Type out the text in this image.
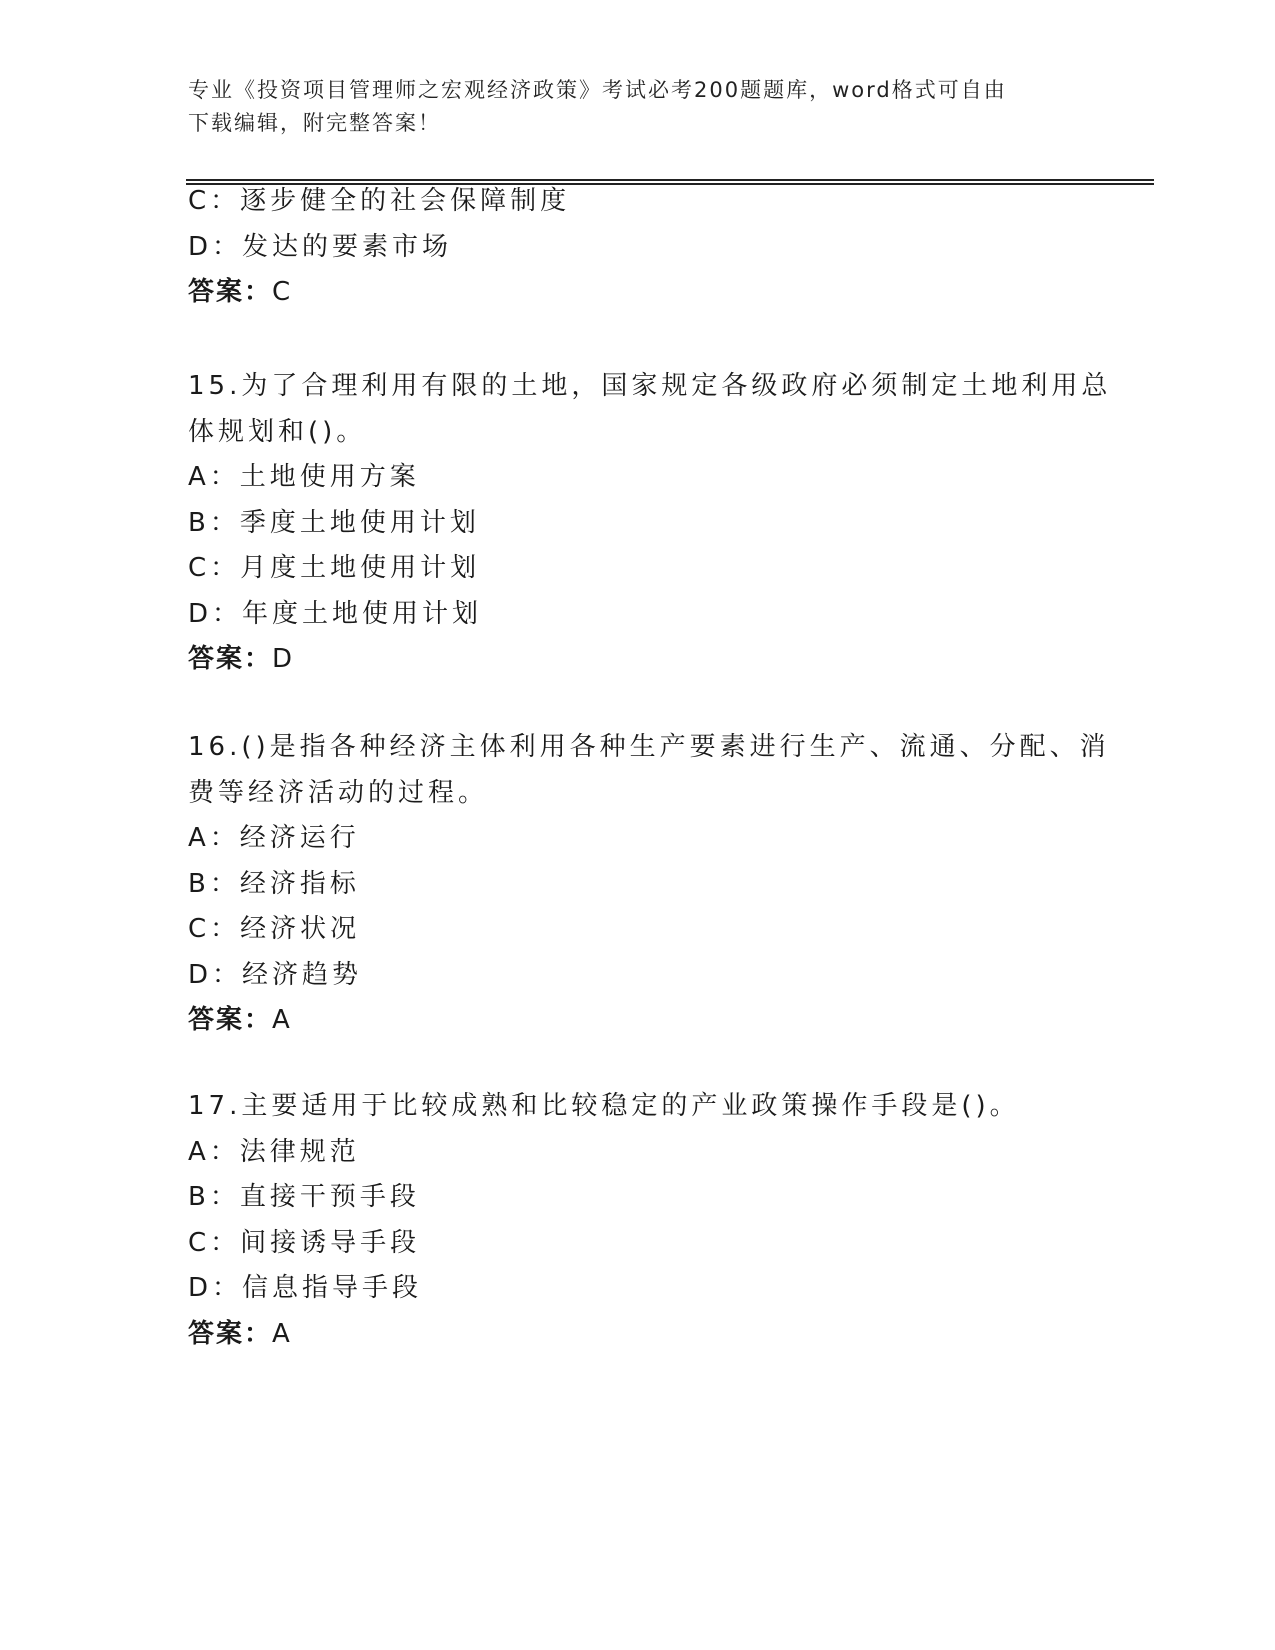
专业《投资项目管理师之宏观经济政策》考试必考200题题库，word格式可自由
下载编辑，附完整答案！
C：逐步健全的社会保障制度
D：发达的要素市场
答案：C
15.为了合理利用有限的土地，国家规定各级政府必须制定土地利用总
体规划和()。
A：土地使用方案
B：季度土地使用计划
C：月度土地使用计划
D：年度土地使用计划
答案：D
16.()是指各种经济主体利用各种生产要素进行生产、流通、分配、消
费等经济活动的过程。
A：经济运行
B：经济指标
C：经济状况
D：经济趋势
答案：A
17.主要适用于比较成熟和比较稳定的产业政策操作手段是()。
A：法律规范
B：直接干预手段
C：间接诱导手段
D：信息指导手段
答案：A
